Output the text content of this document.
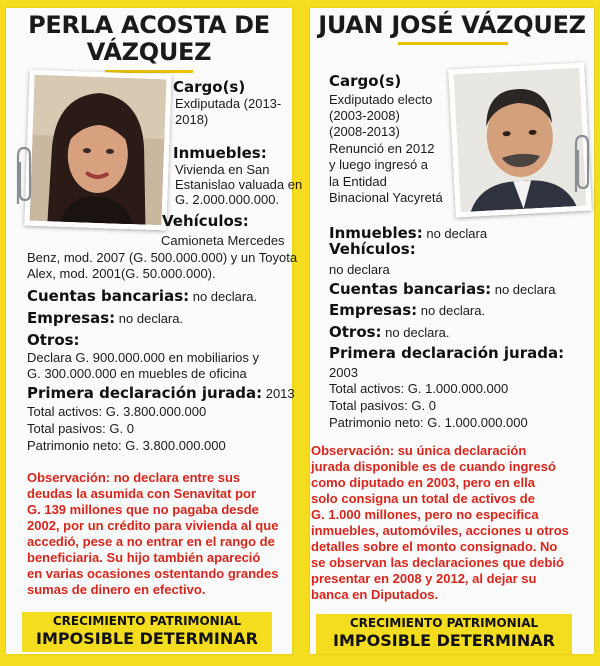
PERLA ACOSTA DE
VÁZQUEZ
JUAN JOSÉ VÁZQUEZ
Cargo(s)
Exdiputada (2013-
2018)
Inmuebles:
Vivienda en San
Estanislao valuada en
G. 2.000.000.000.
Vehículos:
Camioneta Mercedes
Benz, mod. 2007 (G. 500.000.000) y un Toyota
Alex, mod. 2001(G. 50.000.000).
Cuentas bancarias: no declara.
Empresas: no declara.
Otros:
Declara G. 900.000.000 en mobiliarios y
G. 300.000.000 en muebles de oficina
Primera declaración jurada: 2013
Total activos: G. 3.800.000.000
Total pasivos: G. 0
Patrimonio neto: G. 3.800.000.000
Observación: no declara entre sus
deudas la asumida con Senavitat por
G. 139 millones que no pagaba desde
2002, por un crédito para vivienda al que
accedió, pese a no entrar en el rango de
beneficiaria. Su hijo también apareció
en varias ocasiones ostentando grandes
sumas de dinero en efectivo.
CRECIMIENTO PATRIMONIAL
IMPOSIBLE DETERMINAR
Cargo(s)
Exdiputado electo
(2003-2008)
(2008-2013)
Renunció en 2012
y luego ingresó a
la Entidad
Binacional Yacyretá
Inmuebles: no declara
Vehículos:
no declara
Cuentas bancarias: no declara
Empresas: no declara.
Otros: no declara.
Primera declaración jurada:
2003
Total activos: G. 1.000.000.000
Total pasivos: G. 0
Patrimonio neto: G. 1.000.000.000
Observación: su única declaración
jurada disponible es de cuando ingresó
como diputado en 2003, pero en ella
solo consigna un total de activos de
G. 1.000 millones, pero no especifica
inmuebles, automóviles, acciones u otros
detalles sobre el monto consignado. No
se observan las declaraciones que debió
presentar en 2008 y 2012, al dejar su
banca en Diputados.
CRECIMIENTO PATRIMONIAL
IMPOSIBLE DETERMINAR
